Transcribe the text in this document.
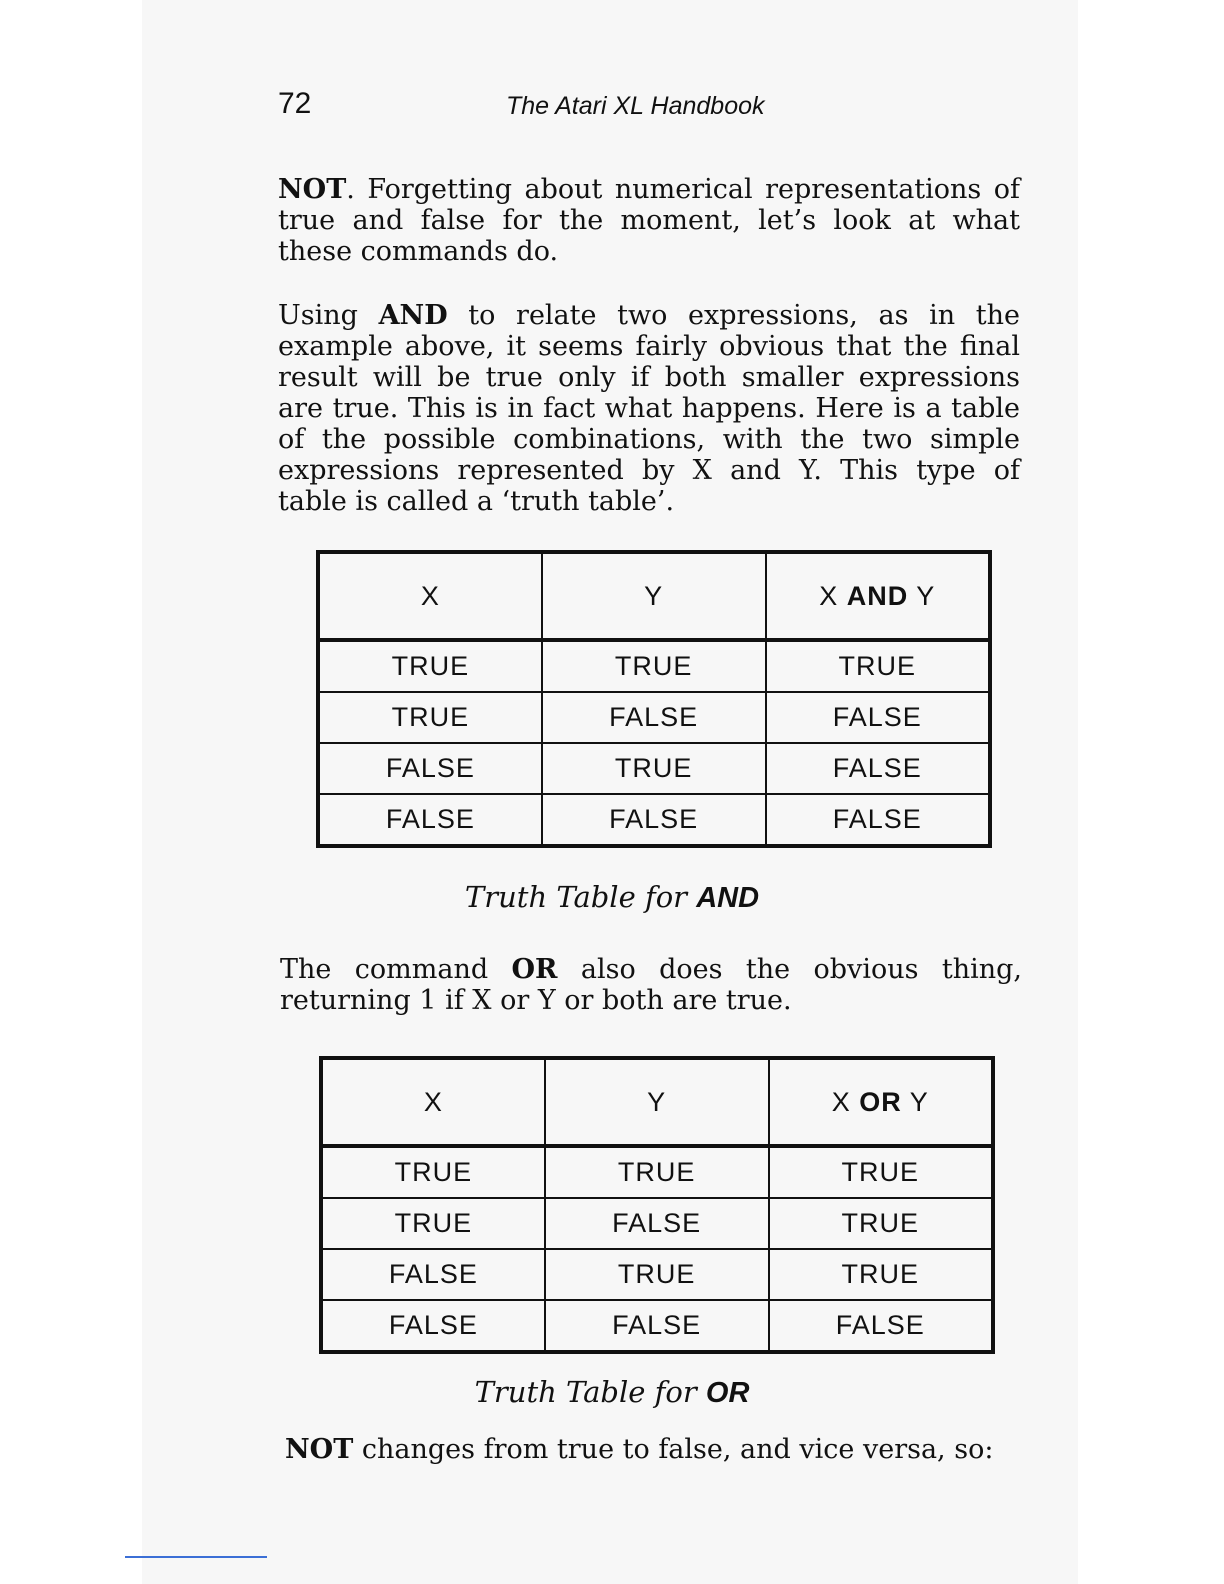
72	The Atari XL Handbook

NOT. Forgetting about numerical representations of true and false for the moment, let’s look at what these commands do.

Using AND to relate two expressions, as in the example above, it seems fairly obvious that the final result will be true only if both smaller expressions are true. This is in fact what happens. Here is a table of the possible combinations, with the two simple expressions represented by X and Y. This type of table is called a ‘truth table’.

X	Y	X AND Y
TRUE	TRUE	TRUE
TRUE	FALSE	FALSE
FALSE	TRUE	FALSE
FALSE	FALSE	FALSE
Truth Table for AND

The command OR also does the obvious thing, returning 1 if X or Y or both are true.

X	Y	X OR Y
TRUE	TRUE	TRUE
TRUE	FALSE	TRUE
FALSE	TRUE	TRUE
FALSE	FALSE	FALSE
Truth Table for OR

NOT changes from true to false, and vice versa, so:
